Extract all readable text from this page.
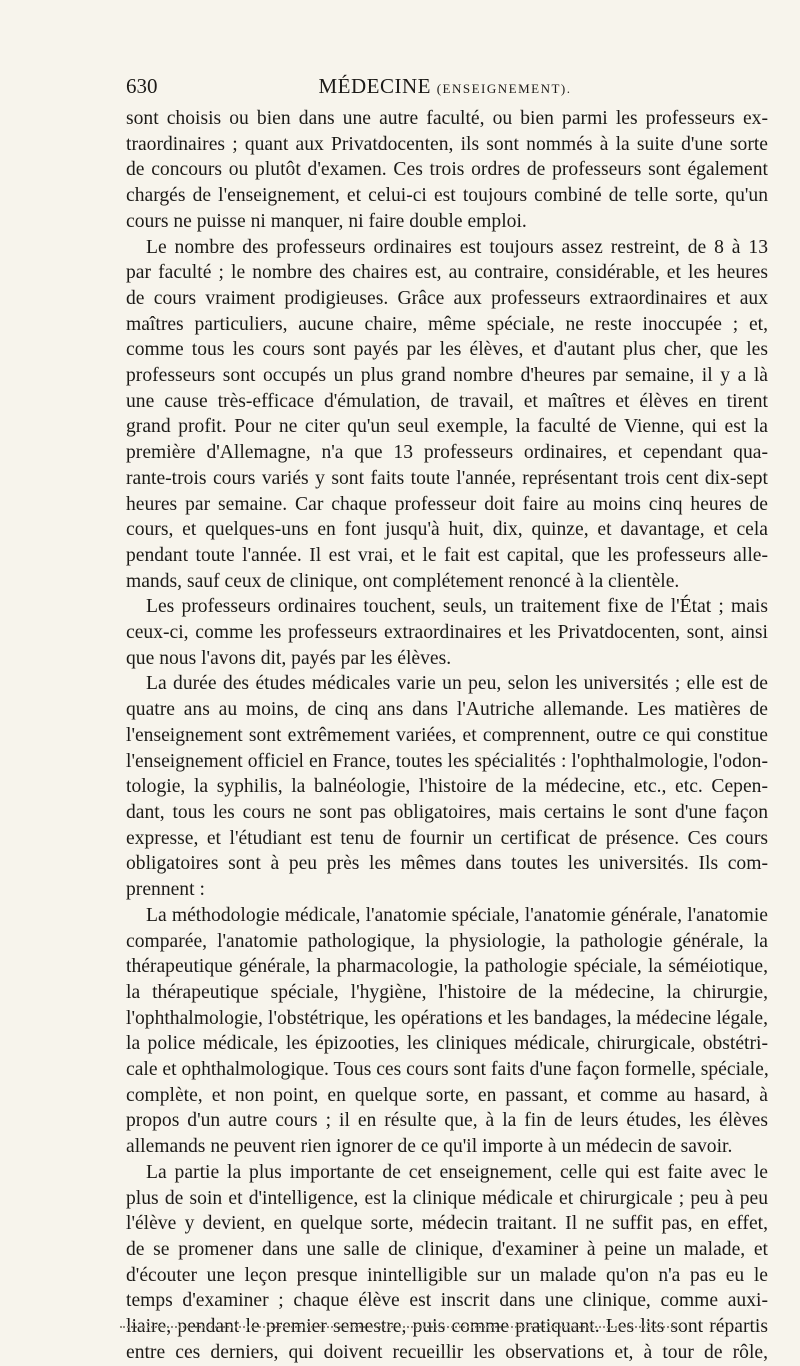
630	MÉDECINE (ENSEIGNEMENT).
sont choisis ou bien dans une autre faculté, ou bien parmi les professeurs ex-
traordinaires ; quant aux Privatdocenten, ils sont nommés à la suite d'une sorte
de concours ou plutôt d'examen. Ces trois ordres de professeurs sont également
chargés de l'enseignement, et celui-ci est toujours combiné de telle sorte, qu'un
cours ne puisse ni manquer, ni faire double emploi.
Le nombre des professeurs ordinaires est toujours assez restreint, de 8 à 13
par faculté ; le nombre des chaires est, au contraire, considérable, et les heures
de cours vraiment prodigieuses. Grâce aux professeurs extraordinaires et aux
maîtres particuliers, aucune chaire, même spéciale, ne reste inoccupée ; et,
comme tous les cours sont payés par les élèves, et d'autant plus cher, que les
professeurs sont occupés un plus grand nombre d'heures par semaine, il y a là
une cause très-efficace d'émulation, de travail, et maîtres et élèves en tirent
grand profit. Pour ne citer qu'un seul exemple, la faculté de Vienne, qui est la
première d'Allemagne, n'a que 13 professeurs ordinaires, et cependant qua-
rante-trois cours variés y sont faits toute l'année, représentant trois cent dix-sept
heures par semaine. Car chaque professeur doit faire au moins cinq heures de
cours, et quelques-uns en font jusqu'à huit, dix, quinze, et davantage, et cela
pendant toute l'année. Il est vrai, et le fait est capital, que les professeurs alle-
mands, sauf ceux de clinique, ont complétement renoncé à la clientèle.
Les professeurs ordinaires touchent, seuls, un traitement fixe de l'État ; mais
ceux-ci, comme les professeurs extraordinaires et les Privatdocenten, sont, ainsi
que nous l'avons dit, payés par les élèves.
La durée des études médicales varie un peu, selon les universités ; elle est de
quatre ans au moins, de cinq ans dans l'Autriche allemande. Les matières de
l'enseignement sont extrêmement variées, et comprennent, outre ce qui constitue
l'enseignement officiel en France, toutes les spécialités : l'ophthalmologie, l'odon-
tologie, la syphilis, la balnéologie, l'histoire de la médecine, etc., etc. Cepen-
dant, tous les cours ne sont pas obligatoires, mais certains le sont d'une façon
expresse, et l'étudiant est tenu de fournir un certificat de présence. Ces cours
obligatoires sont à peu près les mêmes dans toutes les universités. Ils com-
prennent :
La méthodologie médicale, l'anatomie spéciale, l'anatomie générale, l'anatomie
comparée, l'anatomie pathologique, la physiologie, la pathologie générale, la
thérapeutique générale, la pharmacologie, la pathologie spéciale, la séméiotique,
la thérapeutique spéciale, l'hygiène, l'histoire de la médecine, la chirurgie,
l'ophthalmologie, l'obstétrique, les opérations et les bandages, la médecine légale,
la police médicale, les épizooties, les cliniques médicale, chirurgicale, obstétri-
cale et ophthalmologique. Tous ces cours sont faits d'une façon formelle, spéciale,
complète, et non point, en quelque sorte, en passant, et comme au hasard, à
propos d'un autre cours ; il en résulte que, à la fin de leurs études, les élèves
allemands ne peuvent rien ignorer de ce qu'il importe à un médecin de savoir.
La partie la plus importante de cet enseignement, celle qui est faite avec le
plus de soin et d'intelligence, est la clinique médicale et chirurgicale ; peu à peu
l'élève y devient, en quelque sorte, médecin traitant. Il ne suffit pas, en effet,
de se promener dans une salle de clinique, d'examiner à peine un malade, et
d'écouter une leçon presque inintelligible sur un malade qu'on n'a pas eu le
temps d'examiner ; chaque élève est inscrit dans une clinique, comme auxi-
liaire, pendant le premier semestre, puis comme pratiquant. Les lits sont répartis
entre ces derniers, qui doivent recueillir les observations et, à tour de rôle,
